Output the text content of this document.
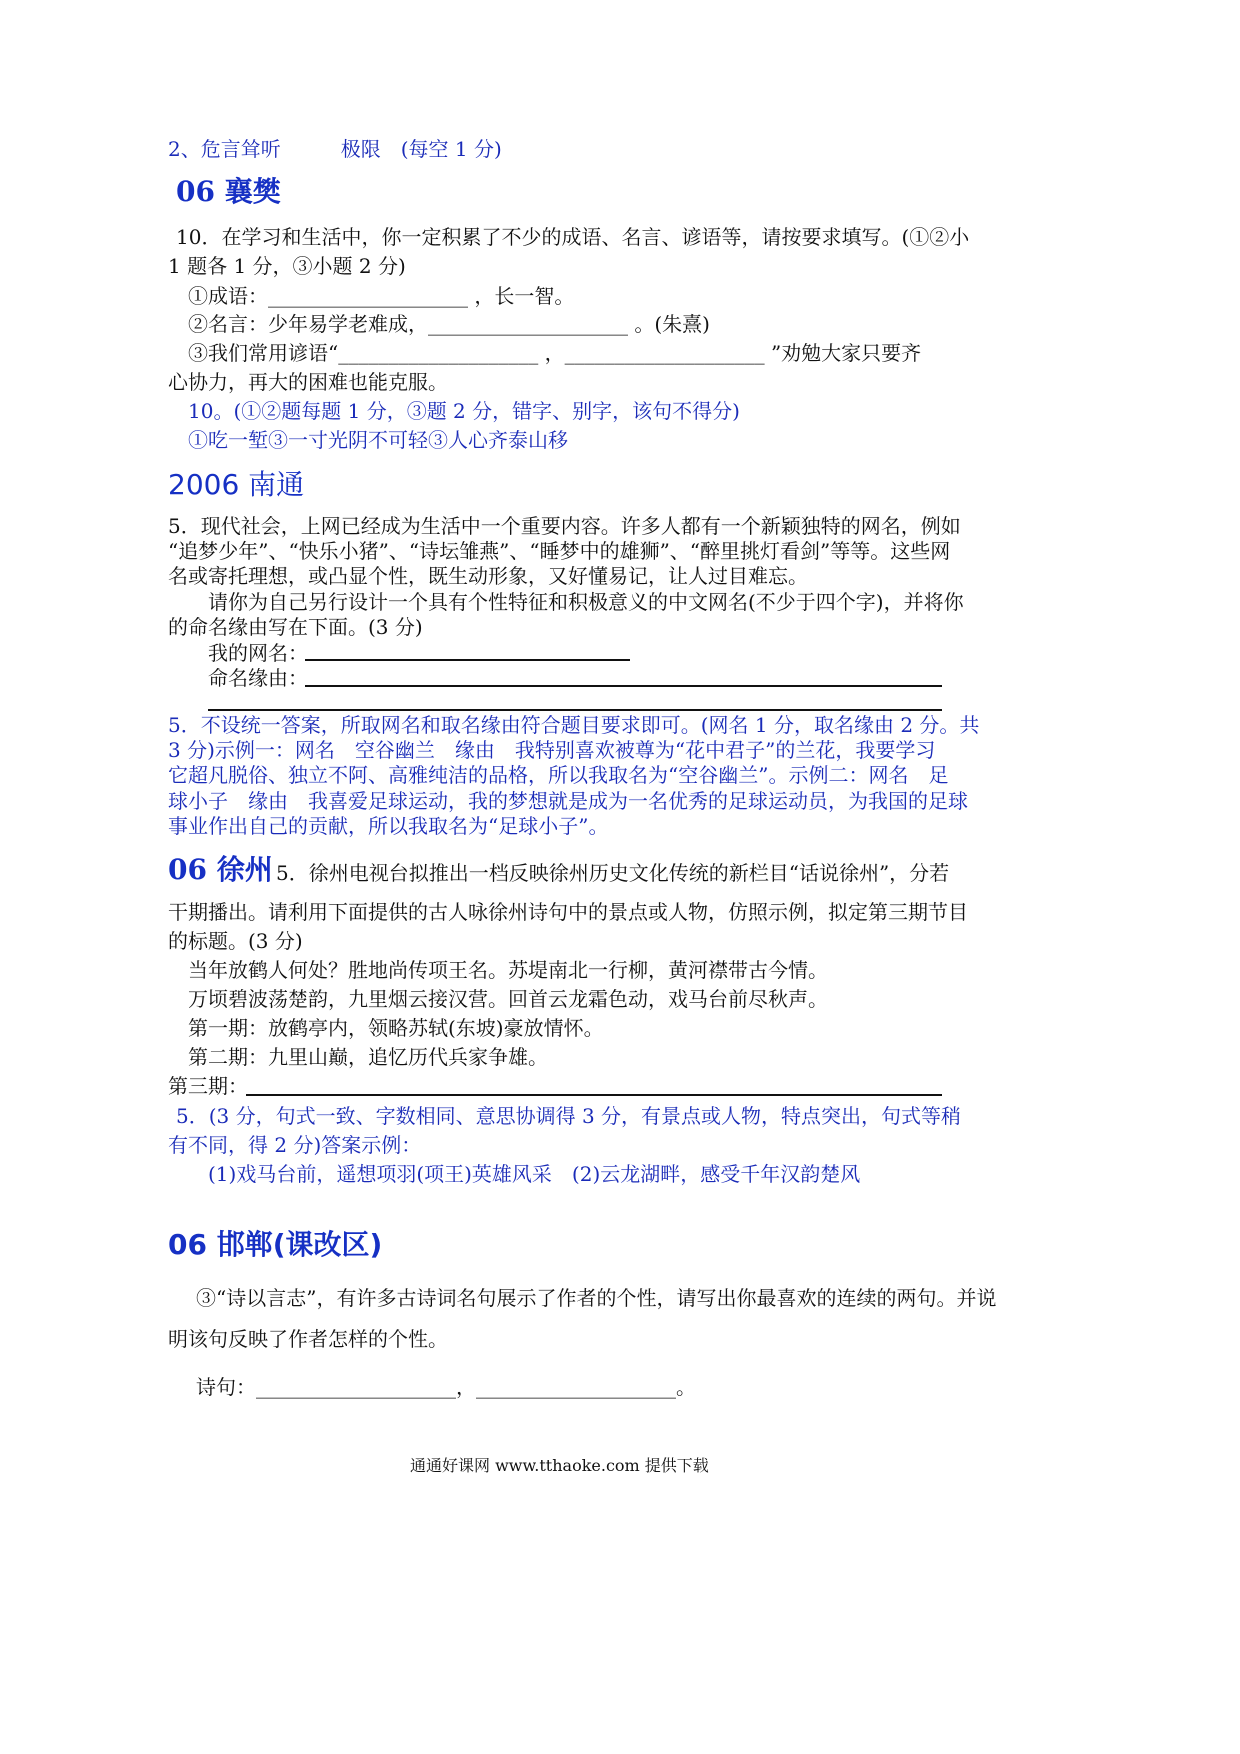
2、危言耸听　　　极限　(每空 1 分)
06 襄樊
10．在学习和生活中，你一定积累了不少的成语、名言、谚语等，请按要求填写。(①②小
1 题各 1 分，③小题 2 分)
①成语：____________________ ，长一智。
②名言：少年易学老难成，____________________ 。(朱熹)
③我们常用谚语“____________________ ，____________________ ”劝勉大家只要齐
心协力，再大的困难也能克服。
10。(①②题每题 1 分，③题 2 分，错字、别字，该句不得分)
①吃一堑③一寸光阴不可轻③人心齐泰山移
2006 南通
5．现代社会，上网已经成为生活中一个重要内容。许多人都有一个新颖独特的网名，例如
“追梦少年”、“快乐小猪”、“诗坛雏燕”、“睡梦中的雄狮”、“醉里挑灯看剑”等等。这些网
名或寄托理想，或凸显个性，既生动形象，又好懂易记，让人过目难忘。
请你为自己另行设计一个具有个性特征和积极意义的中文网名(不少于四个字)，并将你
的命名缘由写在下面。(3 分)
我的网名：
命名缘由：
5．不设统一答案，所取网名和取名缘由符合题目要求即可。(网名 1 分，取名缘由 2 分。共
3 分)示例一：网名　空谷幽兰　缘由　我特别喜欢被尊为“花中君子”的兰花，我要学习
它超凡脱俗、独立不阿、高雅纯洁的品格，所以我取名为“空谷幽兰”。示例二：网名　足
球小子　缘由　我喜爱足球运动，我的梦想就是成为一名优秀的足球运动员，为我国的足球
事业作出自己的贡献，所以我取名为“足球小子”。
06 徐州 5．徐州电视台拟推出一档反映徐州历史文化传统的新栏目“话说徐州”，分若
干期播出。请利用下面提供的古人咏徐州诗句中的景点或人物，仿照示例，拟定第三期节目
的标题。(3 分)
当年放鹤人何处？胜地尚传项王名。苏堤南北一行柳，黄河襟带古今情。
万顷碧波荡楚韵，九里烟云接汉营。回首云龙霜色动，戏马台前尽秋声。
第一期：放鹤亭内，领略苏轼(东坡)豪放情怀。
第二期：九里山巅，追忆历代兵家争雄。
第三期：
5．(3 分，句式一致、字数相同、意思协调得 3 分，有景点或人物，特点突出，句式等稍
有不同，得 2 分)答案示例：
(1)戏马台前，遥想项羽(项王)英雄风采　(2)云龙湖畔，感受千年汉韵楚风
06 邯郸(课改区)
③“诗以言志”，有许多古诗词名句展示了作者的个性，请写出你最喜欢的连续的两句。并说
明该句反映了作者怎样的个性。
诗句：____________________，____________________。
通通好课网 www.tthaoke.com 提供下载
